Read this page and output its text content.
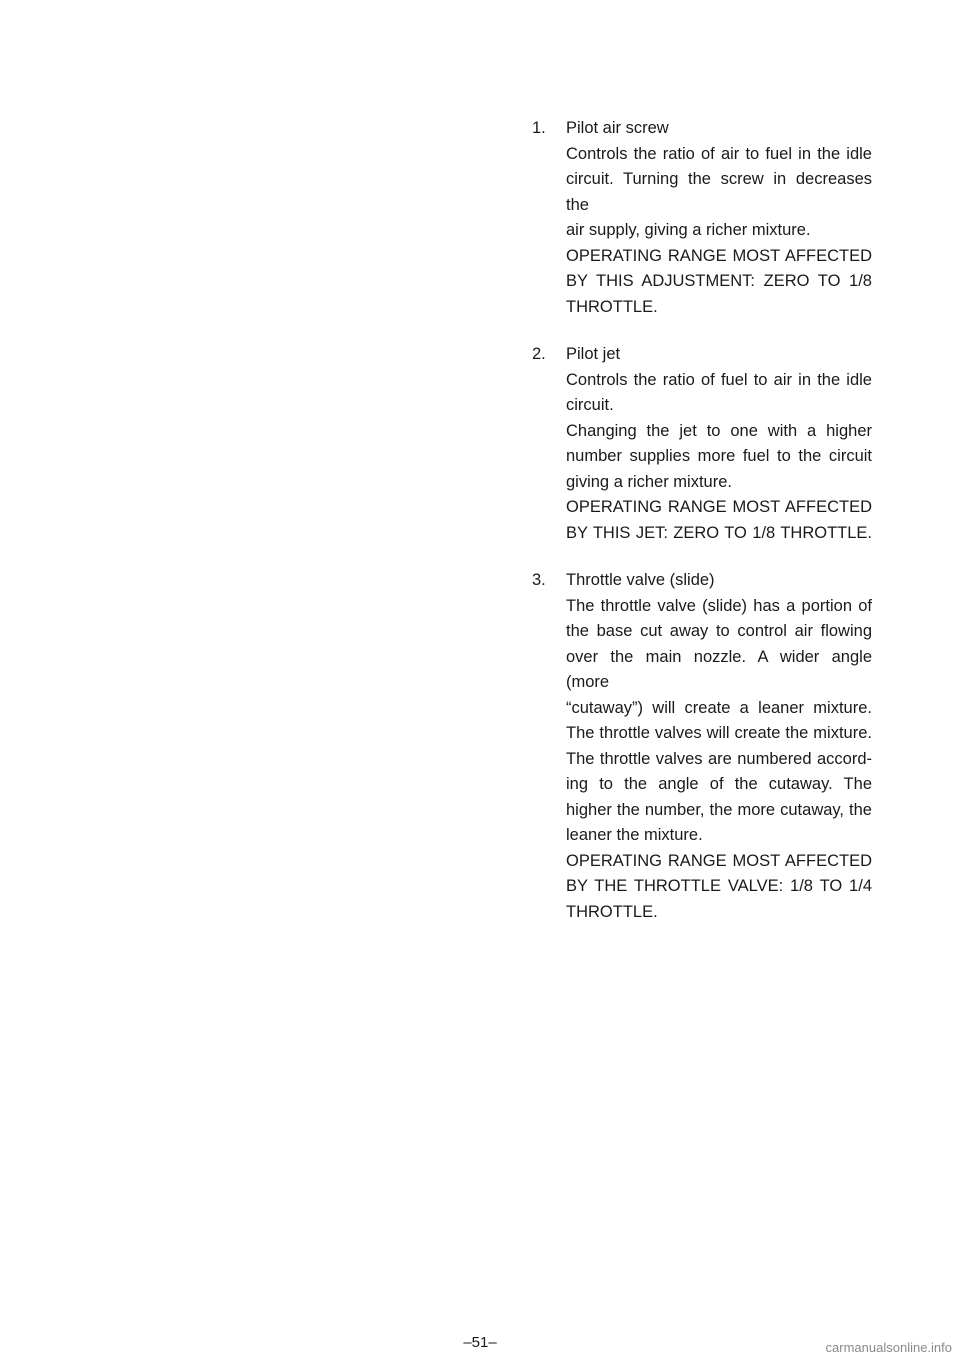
1. Pilot air screw
Controls the ratio of air to fuel in the idle
circuit. Turning the screw in decreases the
air supply, giving a richer mixture.
OPERATING RANGE MOST AFFECTED
BY THIS ADJUSTMENT: ZERO TO 1/8
THROTTLE.
2. Pilot jet
Controls the ratio of fuel to air in the idle
circuit.
Changing the jet to one with a higher
number supplies more fuel to the circuit
giving a richer mixture.
OPERATING RANGE MOST AFFECTED
BY THIS JET: ZERO TO 1/8 THROTTLE.
3. Throttle valve (slide)
The throttle valve (slide) has a portion of
the base cut away to control air flowing
over the main nozzle. A wider angle (more
“cutaway”) will create a leaner mixture.
The throttle valves will create the mixture.
The throttle valves are numbered accord-
ing to the angle of the cutaway. The
higher the number, the more cutaway, the
leaner the mixture.
OPERATING RANGE MOST AFFECTED
BY THE THROTTLE VALVE: 1/8 TO 1/4
THROTTLE.
–51–	carmanualsonline.info
